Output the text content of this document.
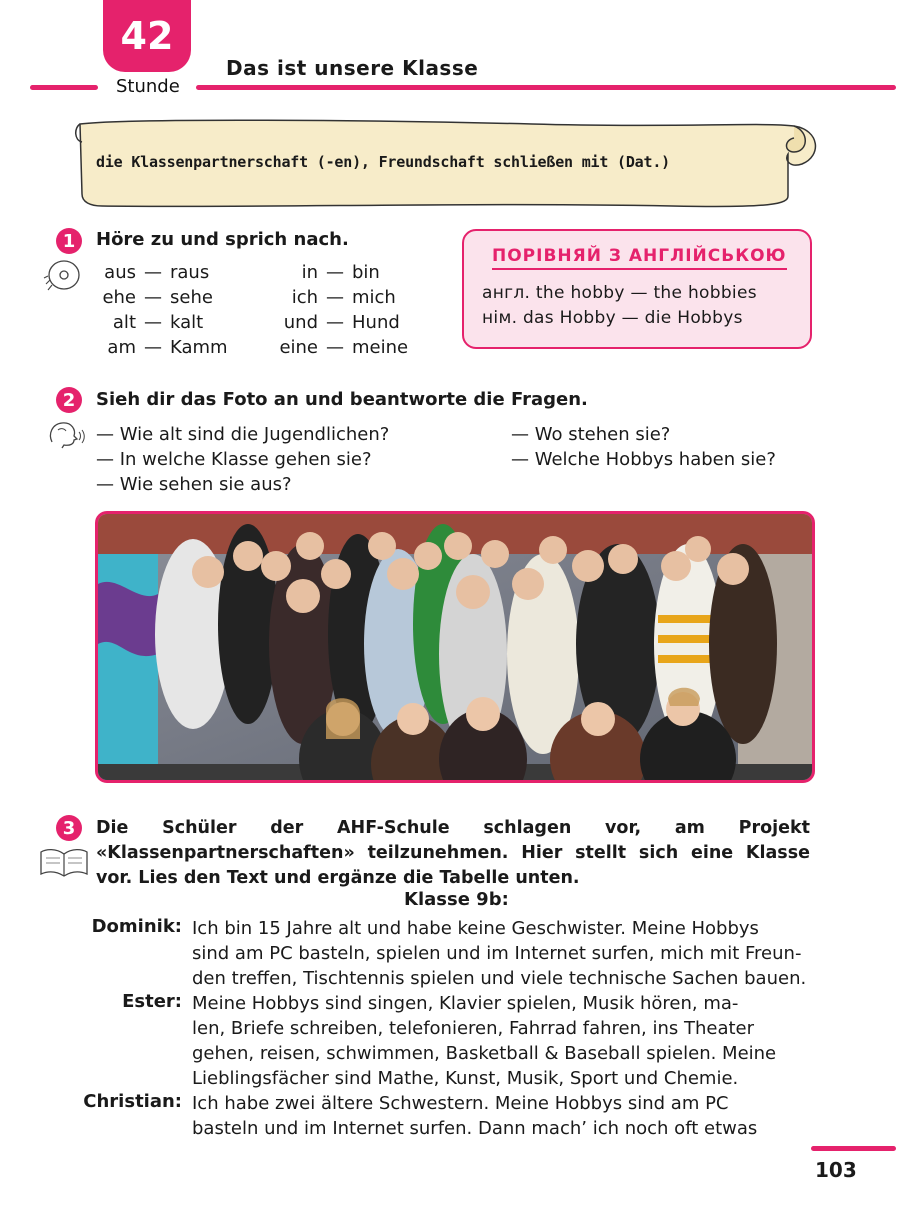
42
Stunde
Das ist unsere Klasse
die Klassenpartnerschaft (-en), Freundschaft schließen mit (Dat.)
1 Höre zu und sprich nach.
aus — raus
ehe — sehe
alt — kalt
am — Kamm
in — bin
ich — mich
und — Hund
eine — meine
ПОРІВНЯЙ З АНГЛІЙСЬКОЮ
англ. the hobby — the hobbies
нім. das Hobby — die Hobbys
2 Sieh dir das Foto an und beantworte die Fragen.
— Wie alt sind die Jugendlichen?
— In welche Klasse gehen sie?
— Wie sehen sie aus?
— Wo stehen sie?
— Welche Hobbys haben sie?
3 Die Schüler der AHF-Schule schlagen vor, am Projekt «Klassenpartnerschaften» teilzunehmen. Hier stellt sich eine Klasse vor. Lies den Text und ergänze die Tabelle unten.
Klasse 9b:
Dominik: Ich bin 15 Jahre alt und habe keine Geschwister. Meine Hobbys
sind am PC basteln, spielen und im Internet surfen, mich mit Freun-
den treffen, Tischtennis spielen und viele technische Sachen bauen.
Ester: Meine Hobbys sind singen, Klavier spielen, Musik hören, ma-
len, Briefe schreiben, telefonieren, Fahrrad fahren, ins Theater
gehen, reisen, schwimmen, Basketball & Baseball spielen. Meine
Lieblingsfächer sind Mathe, Kunst, Musik, Sport und Chemie.
Christian: Ich habe zwei ältere Schwestern. Meine Hobbys sind am PC
basteln und im Internet surfen. Dann mach’ ich noch oft etwas
103
